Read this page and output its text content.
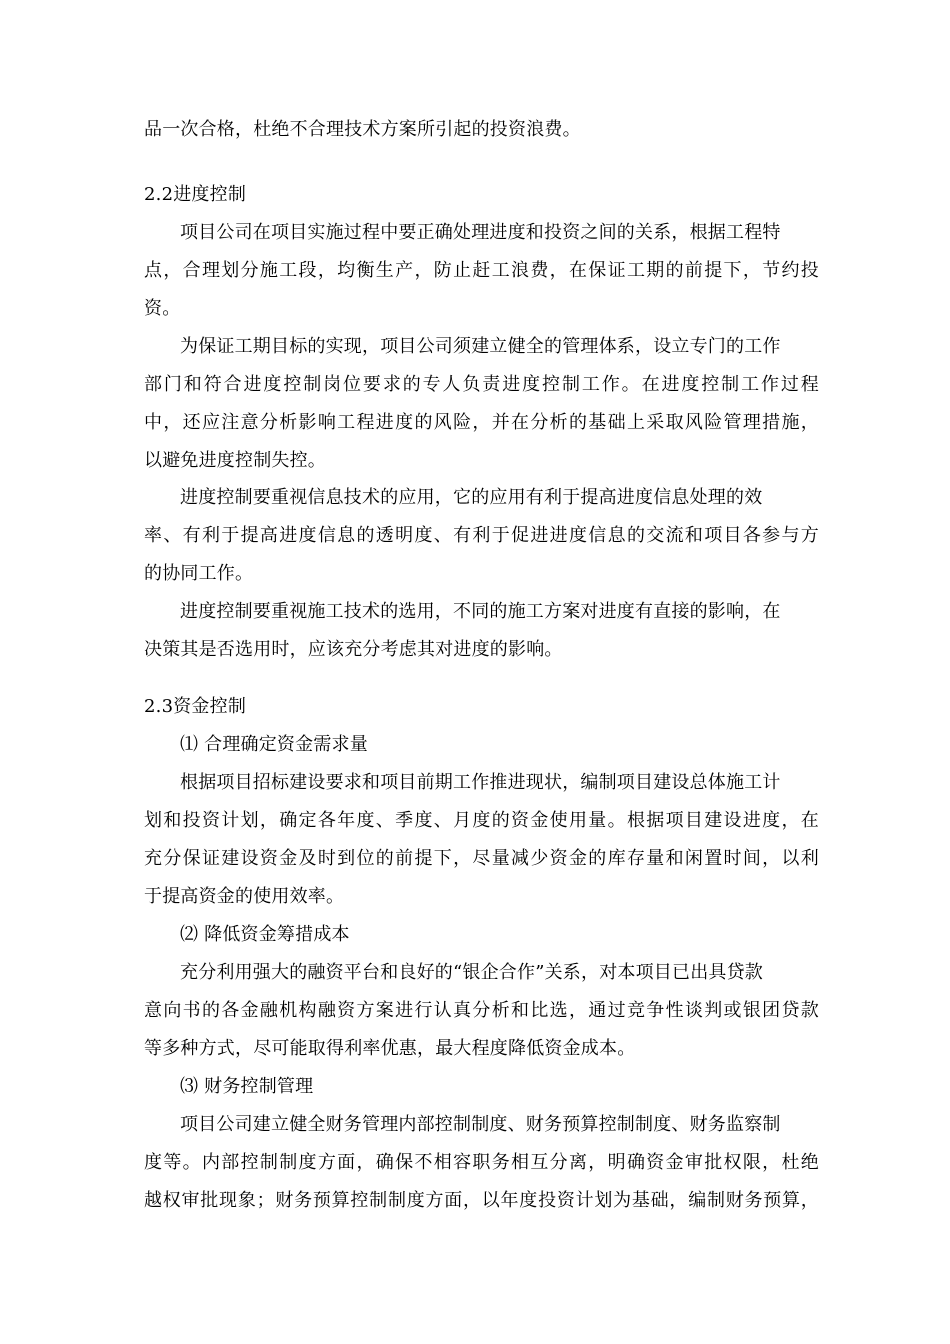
品一次合格，杜绝不合理技术方案所引起的投资浪费。
2.2进度控制
项目公司在项目实施过程中要正确处理进度和投资之间的关系，根据工程特
点，合理划分施工段，均衡生产，防止赶工浪费，在保证工期的前提下，节约投
资。
为保证工期目标的实现，项目公司须建立健全的管理体系，设立专门的工作
部门和符合进度控制岗位要求的专人负责进度控制工作。在进度控制工作过程
中，还应注意分析影响工程进度的风险，并在分析的基础上采取风险管理措施，
以避免进度控制失控。
进度控制要重视信息技术的应用，它的应用有利于提高进度信息处理的效
率、有利于提高进度信息的透明度、有利于促进进度信息的交流和项目各参与方
的协同工作。
进度控制要重视施工技术的选用，不同的施工方案对进度有直接的影响，在
决策其是否选用时，应该充分考虑其对进度的影响。
2.3资金控制
⑴ 合理确定资金需求量
根据项目招标建设要求和项目前期工作推进现状，编制项目建设总体施工计
划和投资计划，确定各年度、季度、月度的资金使用量。根据项目建设进度，在
充分保证建设资金及时到位的前提下，尽量减少资金的库存量和闲置时间，以利
于提高资金的使用效率。
⑵ 降低资金筹措成本
充分利用强大的融资平台和良好的“银企合作”关系，对本项目已出具贷款
意向书的各金融机构融资方案进行认真分析和比选，通过竞争性谈判或银团贷款
等多种方式，尽可能取得利率优惠，最大程度降低资金成本。
⑶ 财务控制管理
项目公司建立健全财务管理内部控制制度、财务预算控制制度、财务监察制
度等。内部控制制度方面，确保不相容职务相互分离，明确资金审批权限，杜绝
越权审批现象；财务预算控制制度方面，以年度投资计划为基础，编制财务预算，
